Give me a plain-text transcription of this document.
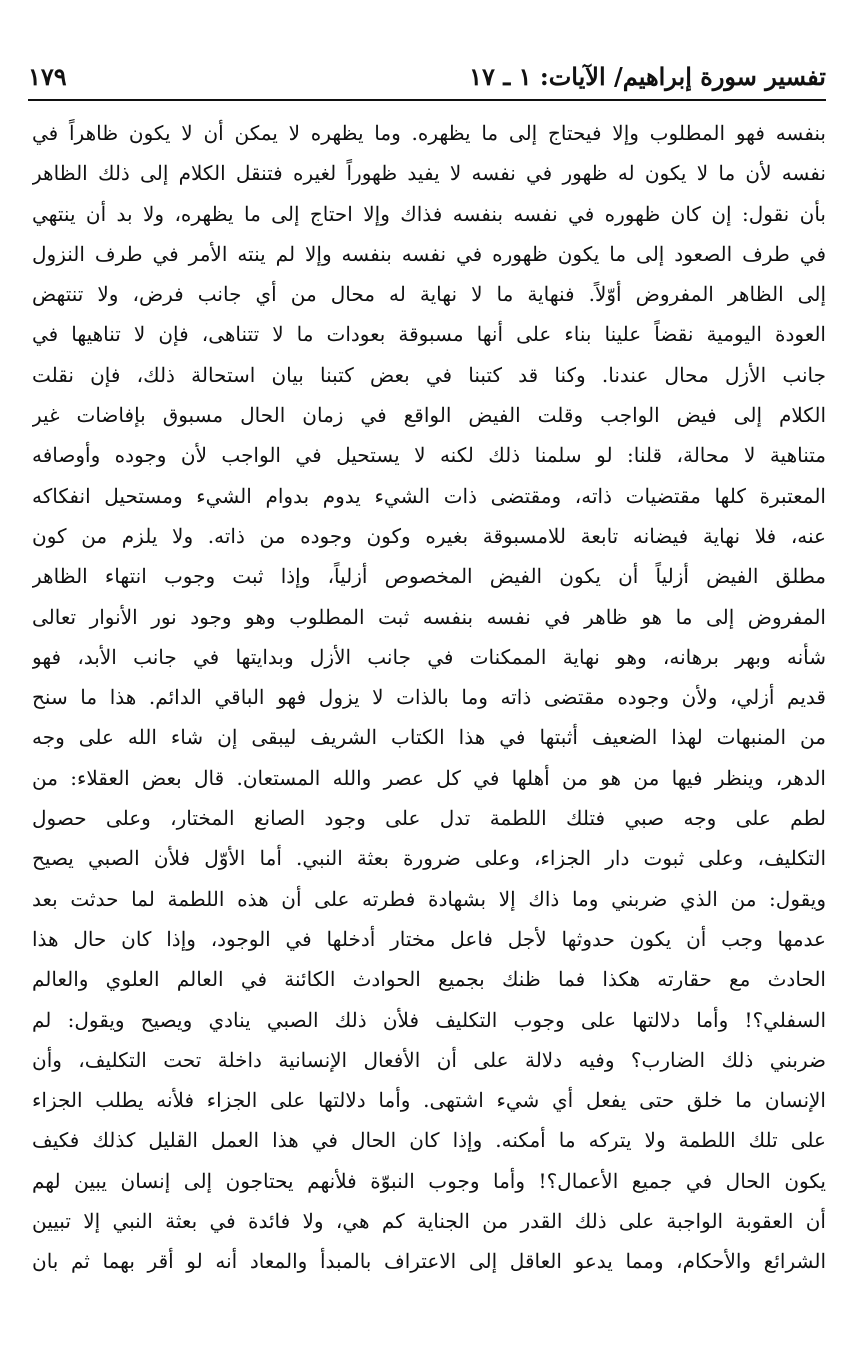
تفسير سورة إبراهيم/ الآيات: ١ ـ ١٧
١٧٩
بنفسه فهو المطلوب وإلا فيحتاج إلى ما يظهره. وما يظهره لا يمكن أن لا يكون ظاهراً في
نفسه لأن ما لا يكون له ظهور في نفسه لا يفيد ظهوراً لغيره فتنقل الكلام إلى ذلك الظاهر
بأن نقول: إن كان ظهوره في نفسه بنفسه فذاك وإلا احتاج إلى ما يظهره، ولا بد أن ينتهي
في طرف الصعود إلى ما يكون ظهوره في نفسه بنفسه وإلا لم ينته الأمر في طرف النزول
إلى الظاهر المفروض أوّلاً. فنهاية ما لا نهاية له محال من أي جانب فرض، ولا تنتهض
العودة اليومية نقضاً علينا بناء على أنها مسبوقة بعودات ما لا تتناهى، فإن لا تناهيها في
جانب الأزل محال عندنا. وكنا قد كتبنا في بعض كتبنا بيان استحالة ذلك، فإن نقلت
الكلام إلى فيض الواجب وقلت الفيض الواقع في زمان الحال مسبوق بإفاضات غير
متناهية لا محالة، قلنا: لو سلمنا ذلك لكنه لا يستحيل في الواجب لأن وجوده وأوصافه
المعتبرة كلها مقتضيات ذاته، ومقتضى ذات الشيء يدوم بدوام الشيء ومستحيل انفكاكه
عنه، فلا نهاية فيضانه تابعة للامسبوقة بغيره وكون وجوده من ذاته. ولا يلزم من كون
مطلق الفيض أزلياً أن يكون الفيض المخصوص أزلياً، وإذا ثبت وجوب انتهاء الظاهر
المفروض إلى ما هو ظاهر في نفسه بنفسه ثبت المطلوب وهو وجود نور الأنوار تعالى
شأنه وبهر برهانه، وهو نهاية الممكنات في جانب الأزل وبدايتها في جانب الأبد، فهو
قديم أزلي، ولأن وجوده مقتضى ذاته وما بالذات لا يزول فهو الباقي الدائم. هذا ما سنح
من المنبهات لهذا الضعيف أثبتها في هذا الكتاب الشريف ليبقى إن شاء الله على وجه
الدهر، وينظر فيها من هو من أهلها في كل عصر والله المستعان. قال بعض العقلاء: من
لطم على وجه صبي فتلك اللطمة تدل على وجود الصانع المختار، وعلى حصول
التكليف، وعلى ثبوت دار الجزاء، وعلى ضرورة بعثة النبي. أما الأوّل فلأن الصبي يصيح
ويقول: من الذي ضربني وما ذاك إلا بشهادة فطرته على أن هذه اللطمة لما حدثت بعد
عدمها وجب أن يكون حدوثها لأجل فاعل مختار أدخلها في الوجود، وإذا كان حال هذا
الحادث مع حقارته هكذا فما ظنك بجميع الحوادث الكائنة في العالم العلوي والعالم
السفلي؟! وأما دلالتها على وجوب التكليف فلأن ذلك الصبي ينادي ويصيح ويقول: لم
ضربني ذلك الضارب؟ وفيه دلالة على أن الأفعال الإنسانية داخلة تحت التكليف، وأن
الإنسان ما خلق حتى يفعل أي شيء اشتهى. وأما دلالتها على الجزاء فلأنه يطلب الجزاء
على تلك اللطمة ولا يتركه ما أمكنه. وإذا كان الحال في هذا العمل القليل كذلك فكيف
يكون الحال في جميع الأعمال؟! وأما وجوب النبوّة فلأنهم يحتاجون إلى إنسان يبين لهم
أن العقوبة الواجبة على ذلك القدر من الجناية كم هي، ولا فائدة في بعثة النبي إلا تبيين
الشرائع والأحكام، ومما يدعو العاقل إلى الاعتراف بالمبدأ والمعاد أنه لو أقر بهما ثم بان
